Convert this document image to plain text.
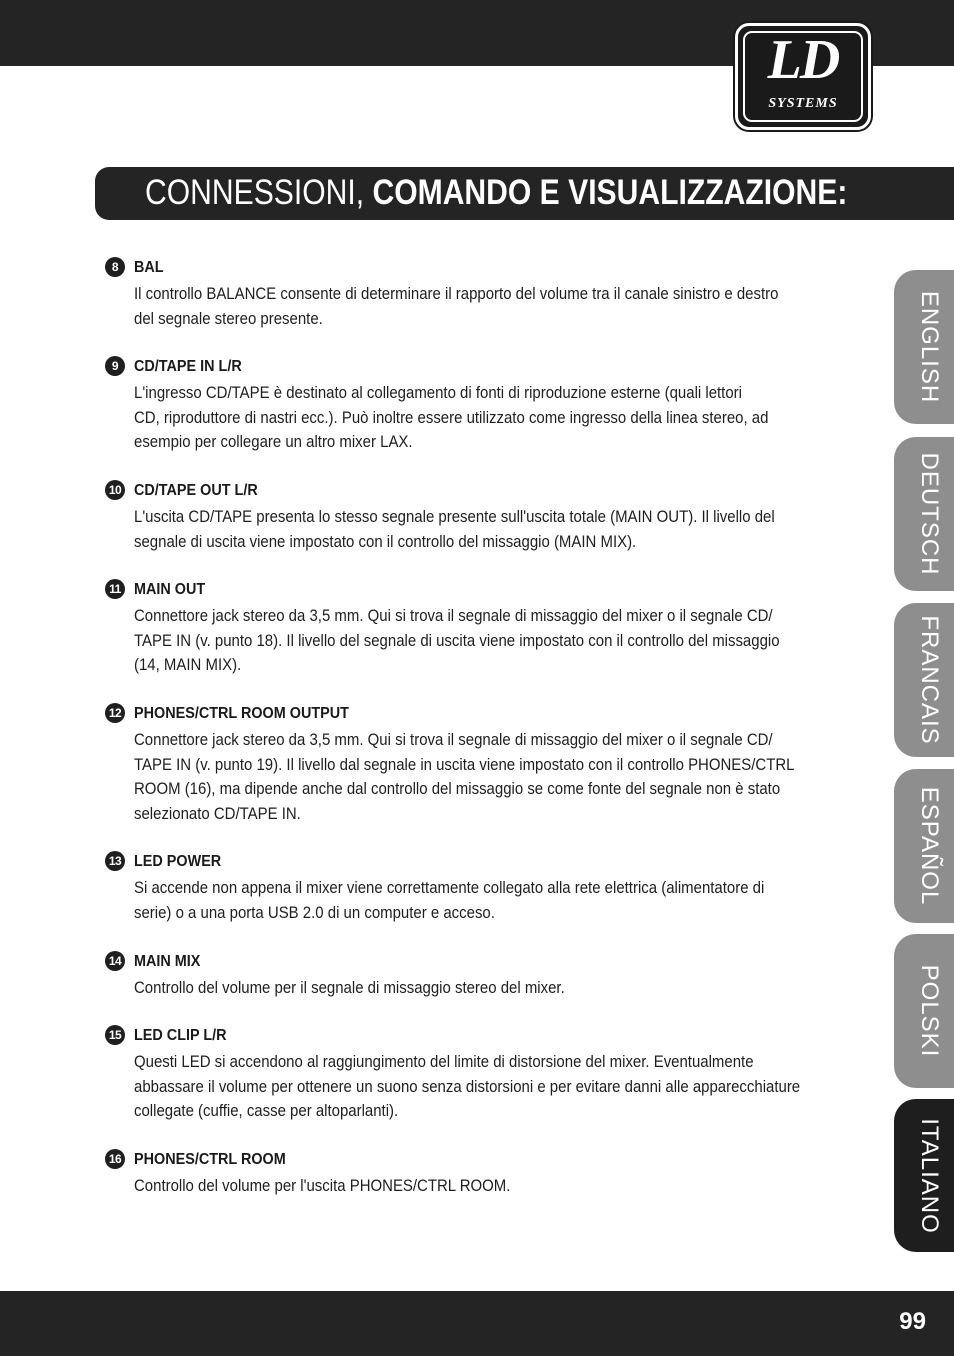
LD
SYSTEMS
CONNESSIONI, COMANDO E VISUALIZZAZIONE:
8 BAL
Il controllo BALANCE consente di determinare il rapporto del volume tra il canale sinistro e destro
del segnale stereo presente.
9 CD/TAPE IN L/R
L'ingresso CD/TAPE è destinato al collegamento di fonti di riproduzione esterne (quali lettori
CD, riproduttore di nastri ecc.). Può inoltre essere utilizzato come ingresso della linea stereo, ad
esempio per collegare un altro mixer LAX.
10 CD/TAPE OUT L/R
L'uscita CD/TAPE presenta lo stesso segnale presente sull'uscita totale (MAIN OUT). Il livello del
segnale di uscita viene impostato con il controllo del missaggio (MAIN MIX).
11 MAIN OUT
Connettore jack stereo da 3,5 mm. Qui si trova il segnale di missaggio del mixer o il segnale CD/
TAPE IN (v. punto 18). Il livello del segnale di uscita viene impostato con il controllo del missaggio
(14, MAIN MIX).
12 PHONES/CTRL ROOM OUTPUT
Connettore jack stereo da 3,5 mm. Qui si trova il segnale di missaggio del mixer o il segnale CD/
TAPE IN (v. punto 19). Il livello dal segnale in uscita viene impostato con il controllo PHONES/CTRL
ROOM (16), ma dipende anche dal controllo del missaggio se come fonte del segnale non è stato
selezionato CD/TAPE IN.
13 LED POWER
Si accende non appena il mixer viene correttamente collegato alla rete elettrica (alimentatore di
serie) o a una porta USB 2.0 di un computer e acceso.
14 MAIN MIX
Controllo del volume per il segnale di missaggio stereo del mixer.
15 LED CLIP L/R
Questi LED si accendono al raggiungimento del limite di distorsione del mixer. Eventualmente
abbassare il volume per ottenere un suono senza distorsioni e per evitare danni alle apparecchiature
collegate (cuffie, casse per altoparlanti).
16 PHONES/CTRL ROOM
Controllo del volume per l'uscita PHONES/CTRL ROOM.
ENGLISH
DEUTSCH
FRANCAIS
ESPAÑOL
POLSKI
ITALIANO
99
